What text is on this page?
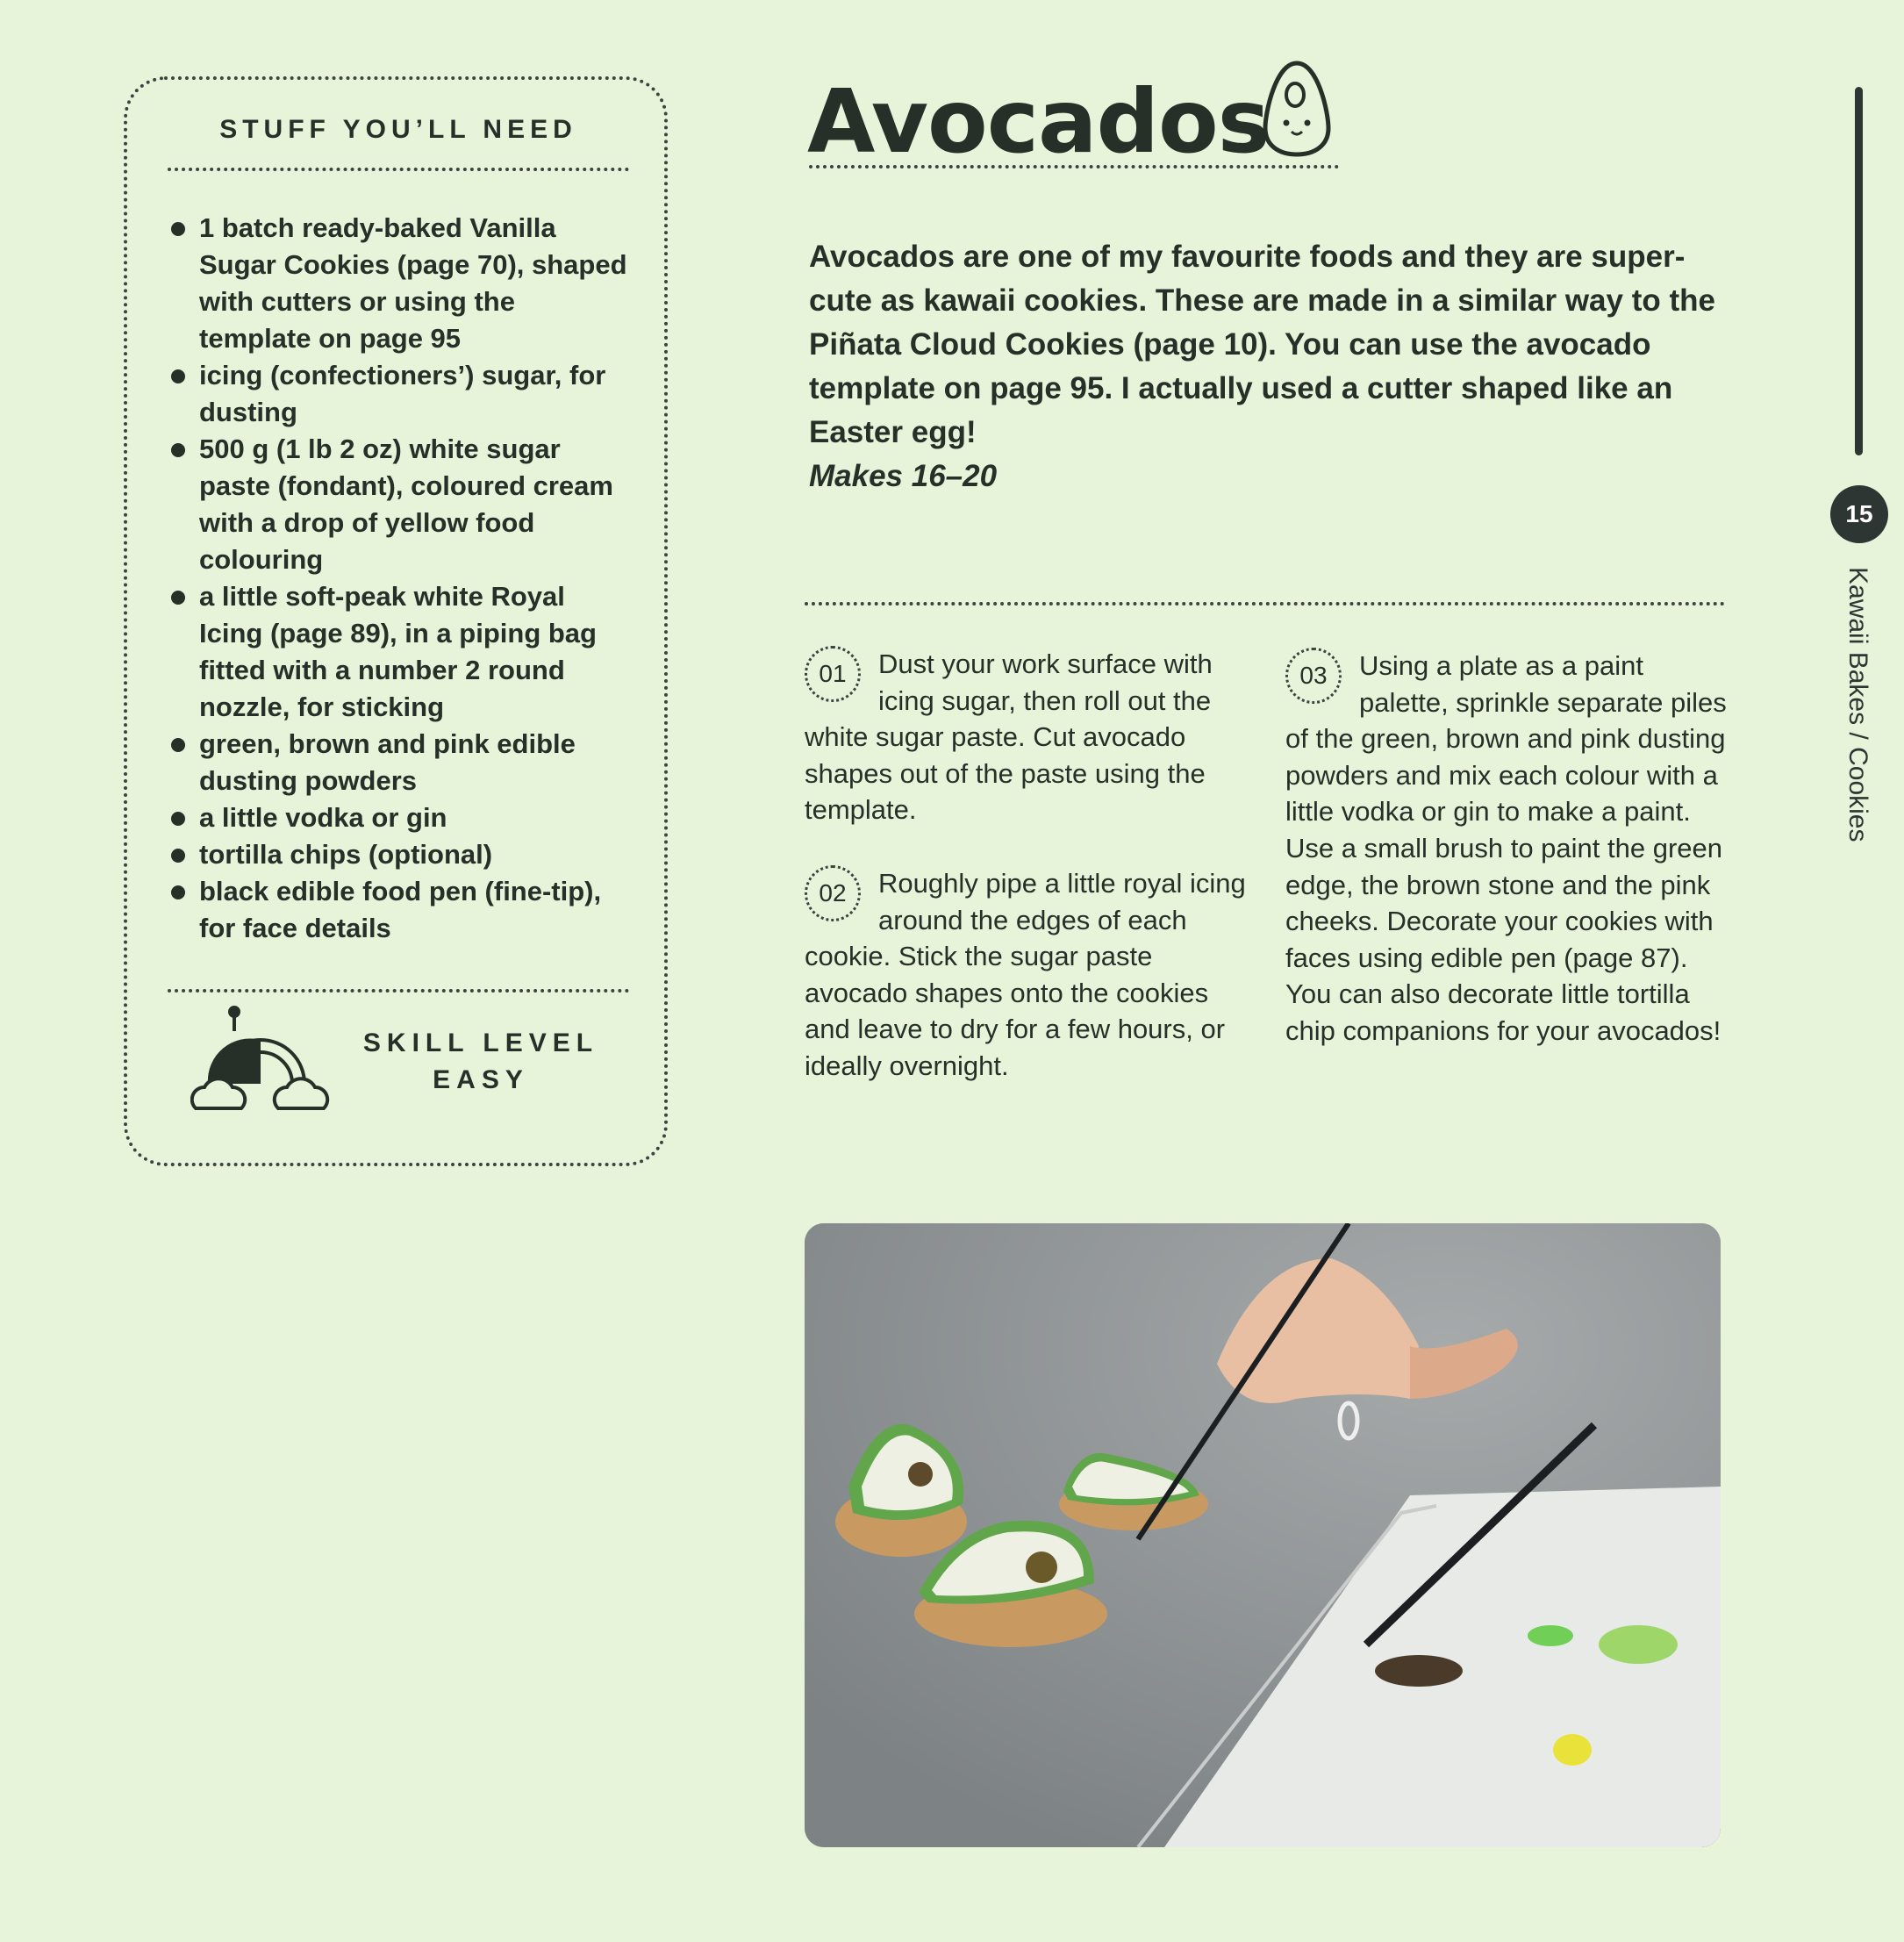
STUFF YOU’LL NEED
1 batch ready-baked Vanilla Sugar Cookies (page 70), shaped with cutters or using the template on page 95
icing (confectioners’) sugar, for dusting
500 g (1 lb 2 oz) white sugar paste (fondant), coloured cream with a drop of yellow food colouring
a little soft-peak white Royal Icing (page 89), in a piping bag fitted with a number 2 round nozzle, for sticking
green, brown and pink edible dusting powders
a little vodka or gin
tortilla chips (optional)
black edible food pen (fine-tip), for face details
SKILL LEVEL
EASY
Avocados
Avocados are one of my favourite foods and they are super-cute as kawaii cookies. These are made in a similar way to the Piñata Cloud Cookies (page 10). You can use the avocado template on page 95. I actually used a cutter shaped like an Easter egg!
Makes 16–20
01	Dust your work surface with icing sugar, then roll out the white sugar paste. Cut avocado shapes out of the paste using the template.
02	Roughly pipe a little royal icing around the edges of each cookie. Stick the sugar paste avocado shapes onto the cookies and leave to dry for a few hours, or ideally overnight.
03	Using a plate as a paint palette, sprinkle separate piles of the green, brown and pink dusting powders and mix each colour with a little vodka or gin to make a paint. Use a small brush to paint the green edge, the brown stone and the pink cheeks. Decorate your cookies with faces using edible pen (page 87). You can also decorate little tortilla chip companions for your avocados!
15
Kawaii Bakes / Cookies
